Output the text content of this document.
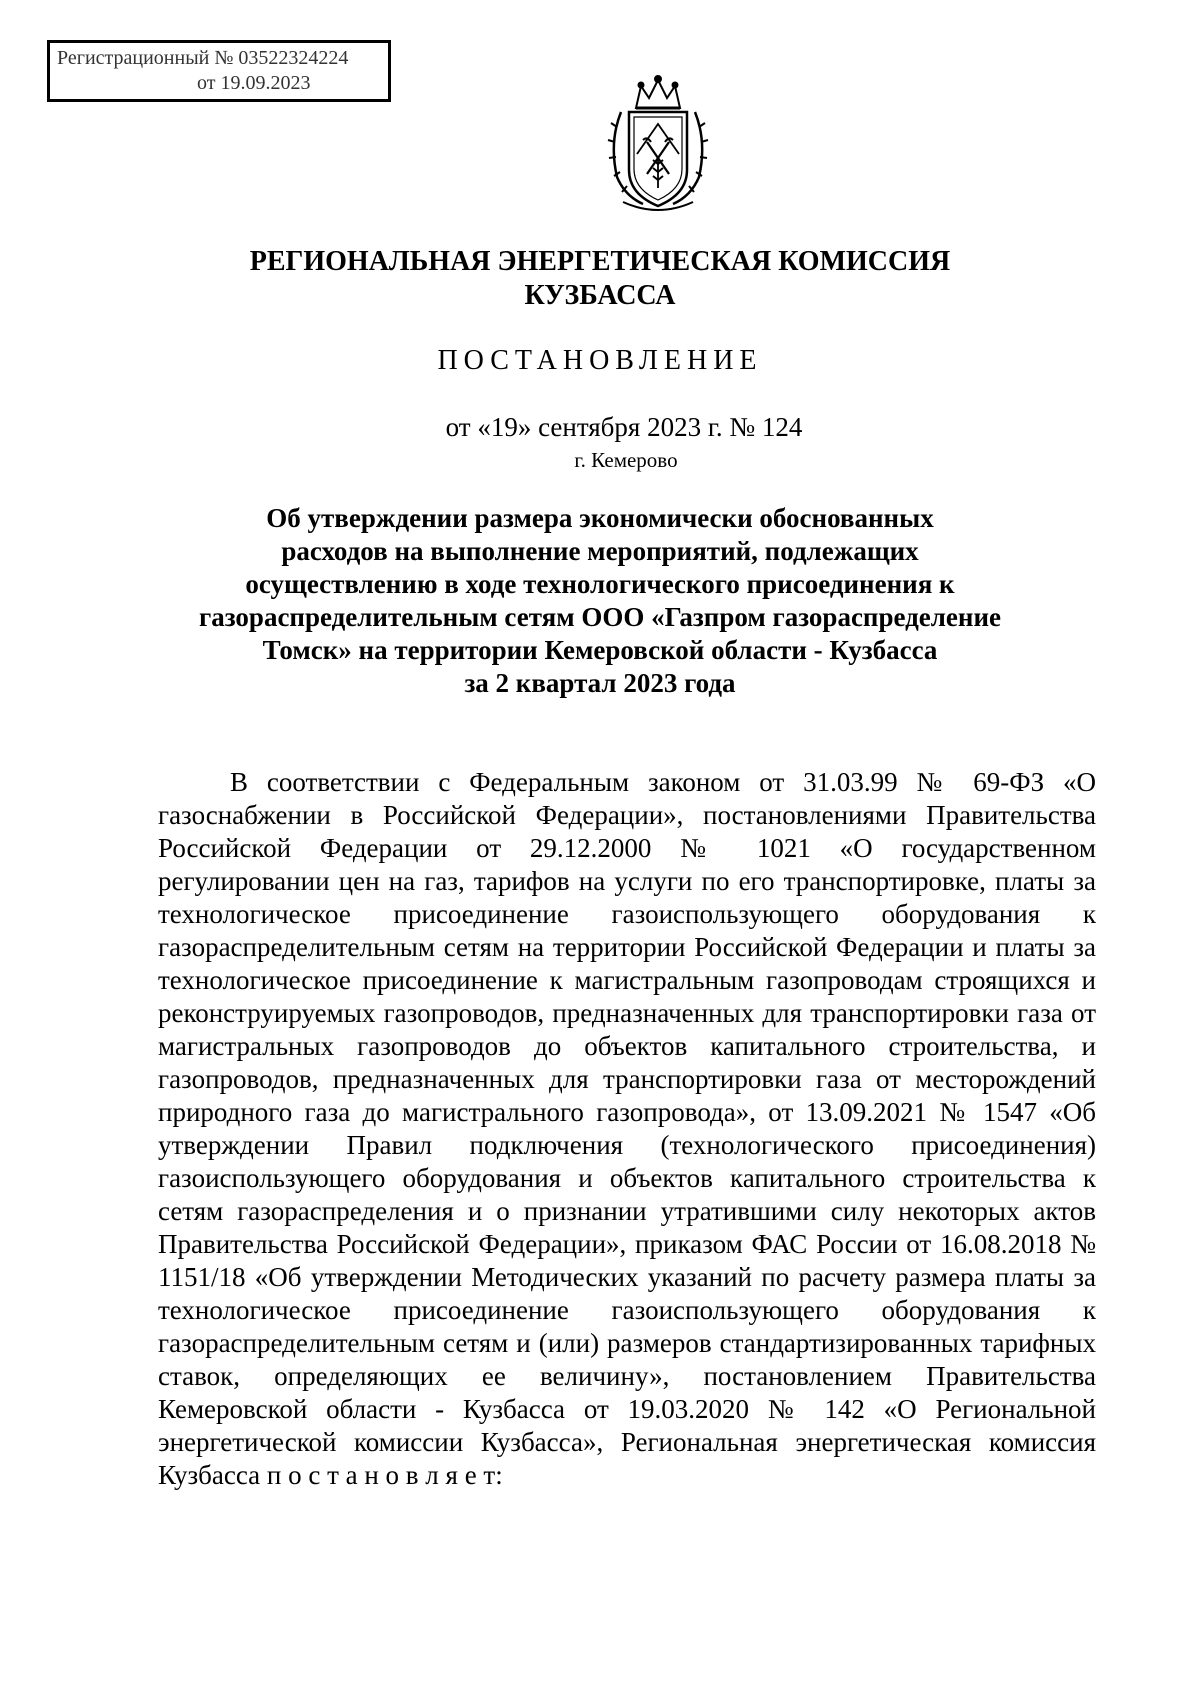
Регистрационный № 03522324224
от 19.09.2023
РЕГИОНАЛЬНАЯ ЭНЕРГЕТИЧЕСКАЯ КОМИССИЯ
КУЗБАССА
ПОСТАНОВЛЕНИЕ
от «19» сентября 2023 г. № 124
г. Кемерово
Об утверждении размера экономически обоснованных
расходов на выполнение мероприятий, подлежащих
осуществлению в ходе технологического присоединения к
газораспределительным сетям ООО «Газпром газораспределение
Томск» на территории Кемеровской области - Кузбасса
за 2 квартал 2023 года

В соответствии с Федеральным законом от 31.03.99 № 69-ФЗ «О газоснабжении в Российской Федерации», постановлениями Правительства Российской Федерации от 29.12.2000 № 1021 «О государственном регулировании цен на газ, тарифов на услуги по его транспортировке, платы за технологическое присоединение газоиспользующего оборудования к газораспределительным сетям на территории Российской Федерации и платы за технологическое присоединение к магистральным газопроводам строящихся и реконструируемых газопроводов, предназначенных для транспортировки газа от магистральных газопроводов до объектов капитального строительства, и газопроводов, предназначенных для транспортировки газа от месторождений природного газа до магистрального газопровода», от 13.09.2021 № 1547 «Об утверждении Правил подключения (технологического присоединения) газоиспользующего оборудования и объектов капитального строительства к сетям газораспределения и о признании утратившими силу некоторых актов Правительства Российской Федерации», приказом ФАС России от 16.08.2018 № 1151/18 «Об утверждении Методических указаний по расчету размера платы за технологическое присоединение газоиспользующего оборудования к газораспределительным сетям и (или) размеров стандартизированных тарифных ставок, определяющих ее величину», постановлением Правительства Кемеровской области - Кузбасса от 19.03.2020 № 142 «О Региональной энергетической комиссии Кузбасса», Региональная энергетическая комиссия Кузбасса п о с т а н о в л я е т:
